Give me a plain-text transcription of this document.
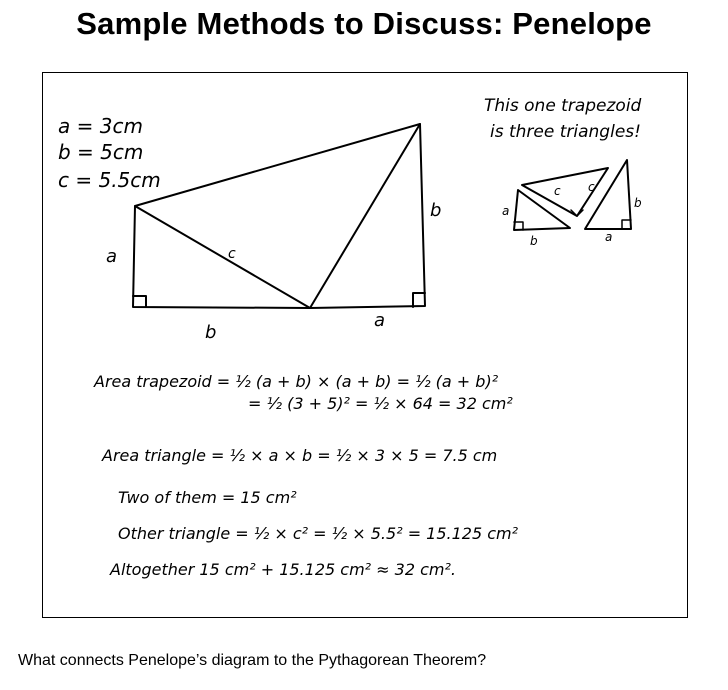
Sample Methods to Discuss: Penelope
a = 3cm
b = 5cm
c = 5.5cm
a	c
b
a
b
This one trapezoid
is three triangles!
c c
a
b	a
b
Area trapezoid = ½ (a + b) × (a + b) = ½ (a + b)²
= ½ (3 + 5)² = ½ × 64 = 32 cm²
Area triangle = ½ × a × b = ½ × 3 × 5 = 7.5 cm
Two of them = 15 cm²
Other triangle = ½ × c² = ½ × 5.5² = 15.125 cm²
Altogether 15 cm² + 15.125 cm² ≈ 32 cm².
What connects Penelope’s diagram to the Pythagorean Theorem?
